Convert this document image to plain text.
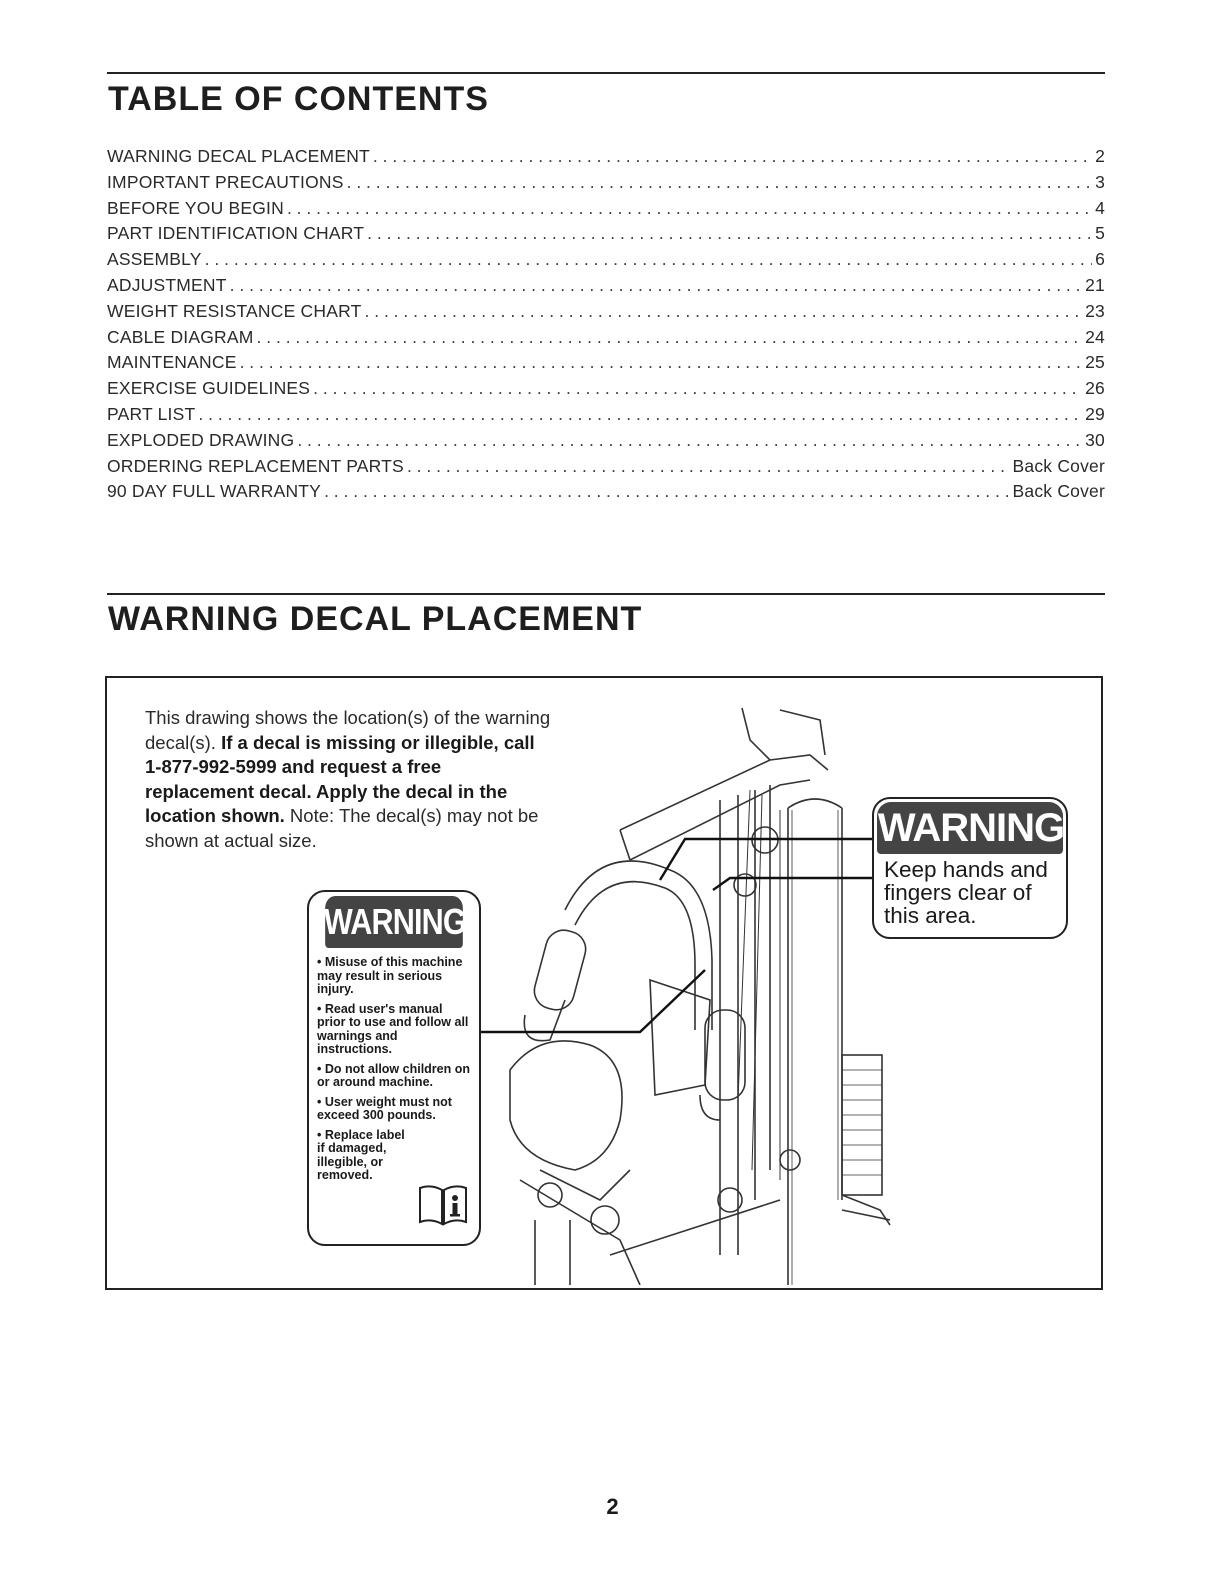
TABLE OF CONTENTS
WARNING DECAL PLACEMENT . . .	2
IMPORTANT PRECAUTIONS . . .	3
BEFORE YOU BEGIN . . .	4
PART IDENTIFICATION CHART . . .	5
ASSEMBLY . . .	6
ADJUSTMENT . . .	21
WEIGHT RESISTANCE CHART . . .	23
CABLE DIAGRAM . . .	24
MAINTENANCE . . .	25
EXERCISE GUIDELINES . . .	26
PART LIST . . .	29
EXPLODED DRAWING . . .	30
ORDERING REPLACEMENT PARTS . . .	Back Cover
90 DAY FULL WARRANTY . . .	Back Cover
WARNING DECAL PLACEMENT

This drawing shows the location(s) of the warning decal(s). If a decal is missing or illegible, call 1-877-992-5999 and request a free replacement decal. Apply the decal in the location shown. Note: The decal(s) may not be shown at actual size.

WARNING
• Misuse of this machine may result in serious injury.
• Read user's manual prior to use and follow all warnings and instructions.
• Do not allow children on or around machine.
• User weight must not exceed 300 pounds.
• Replace label if damaged, illegible, or removed.
WARNING
Keep hands and fingers clear of this area.
2
